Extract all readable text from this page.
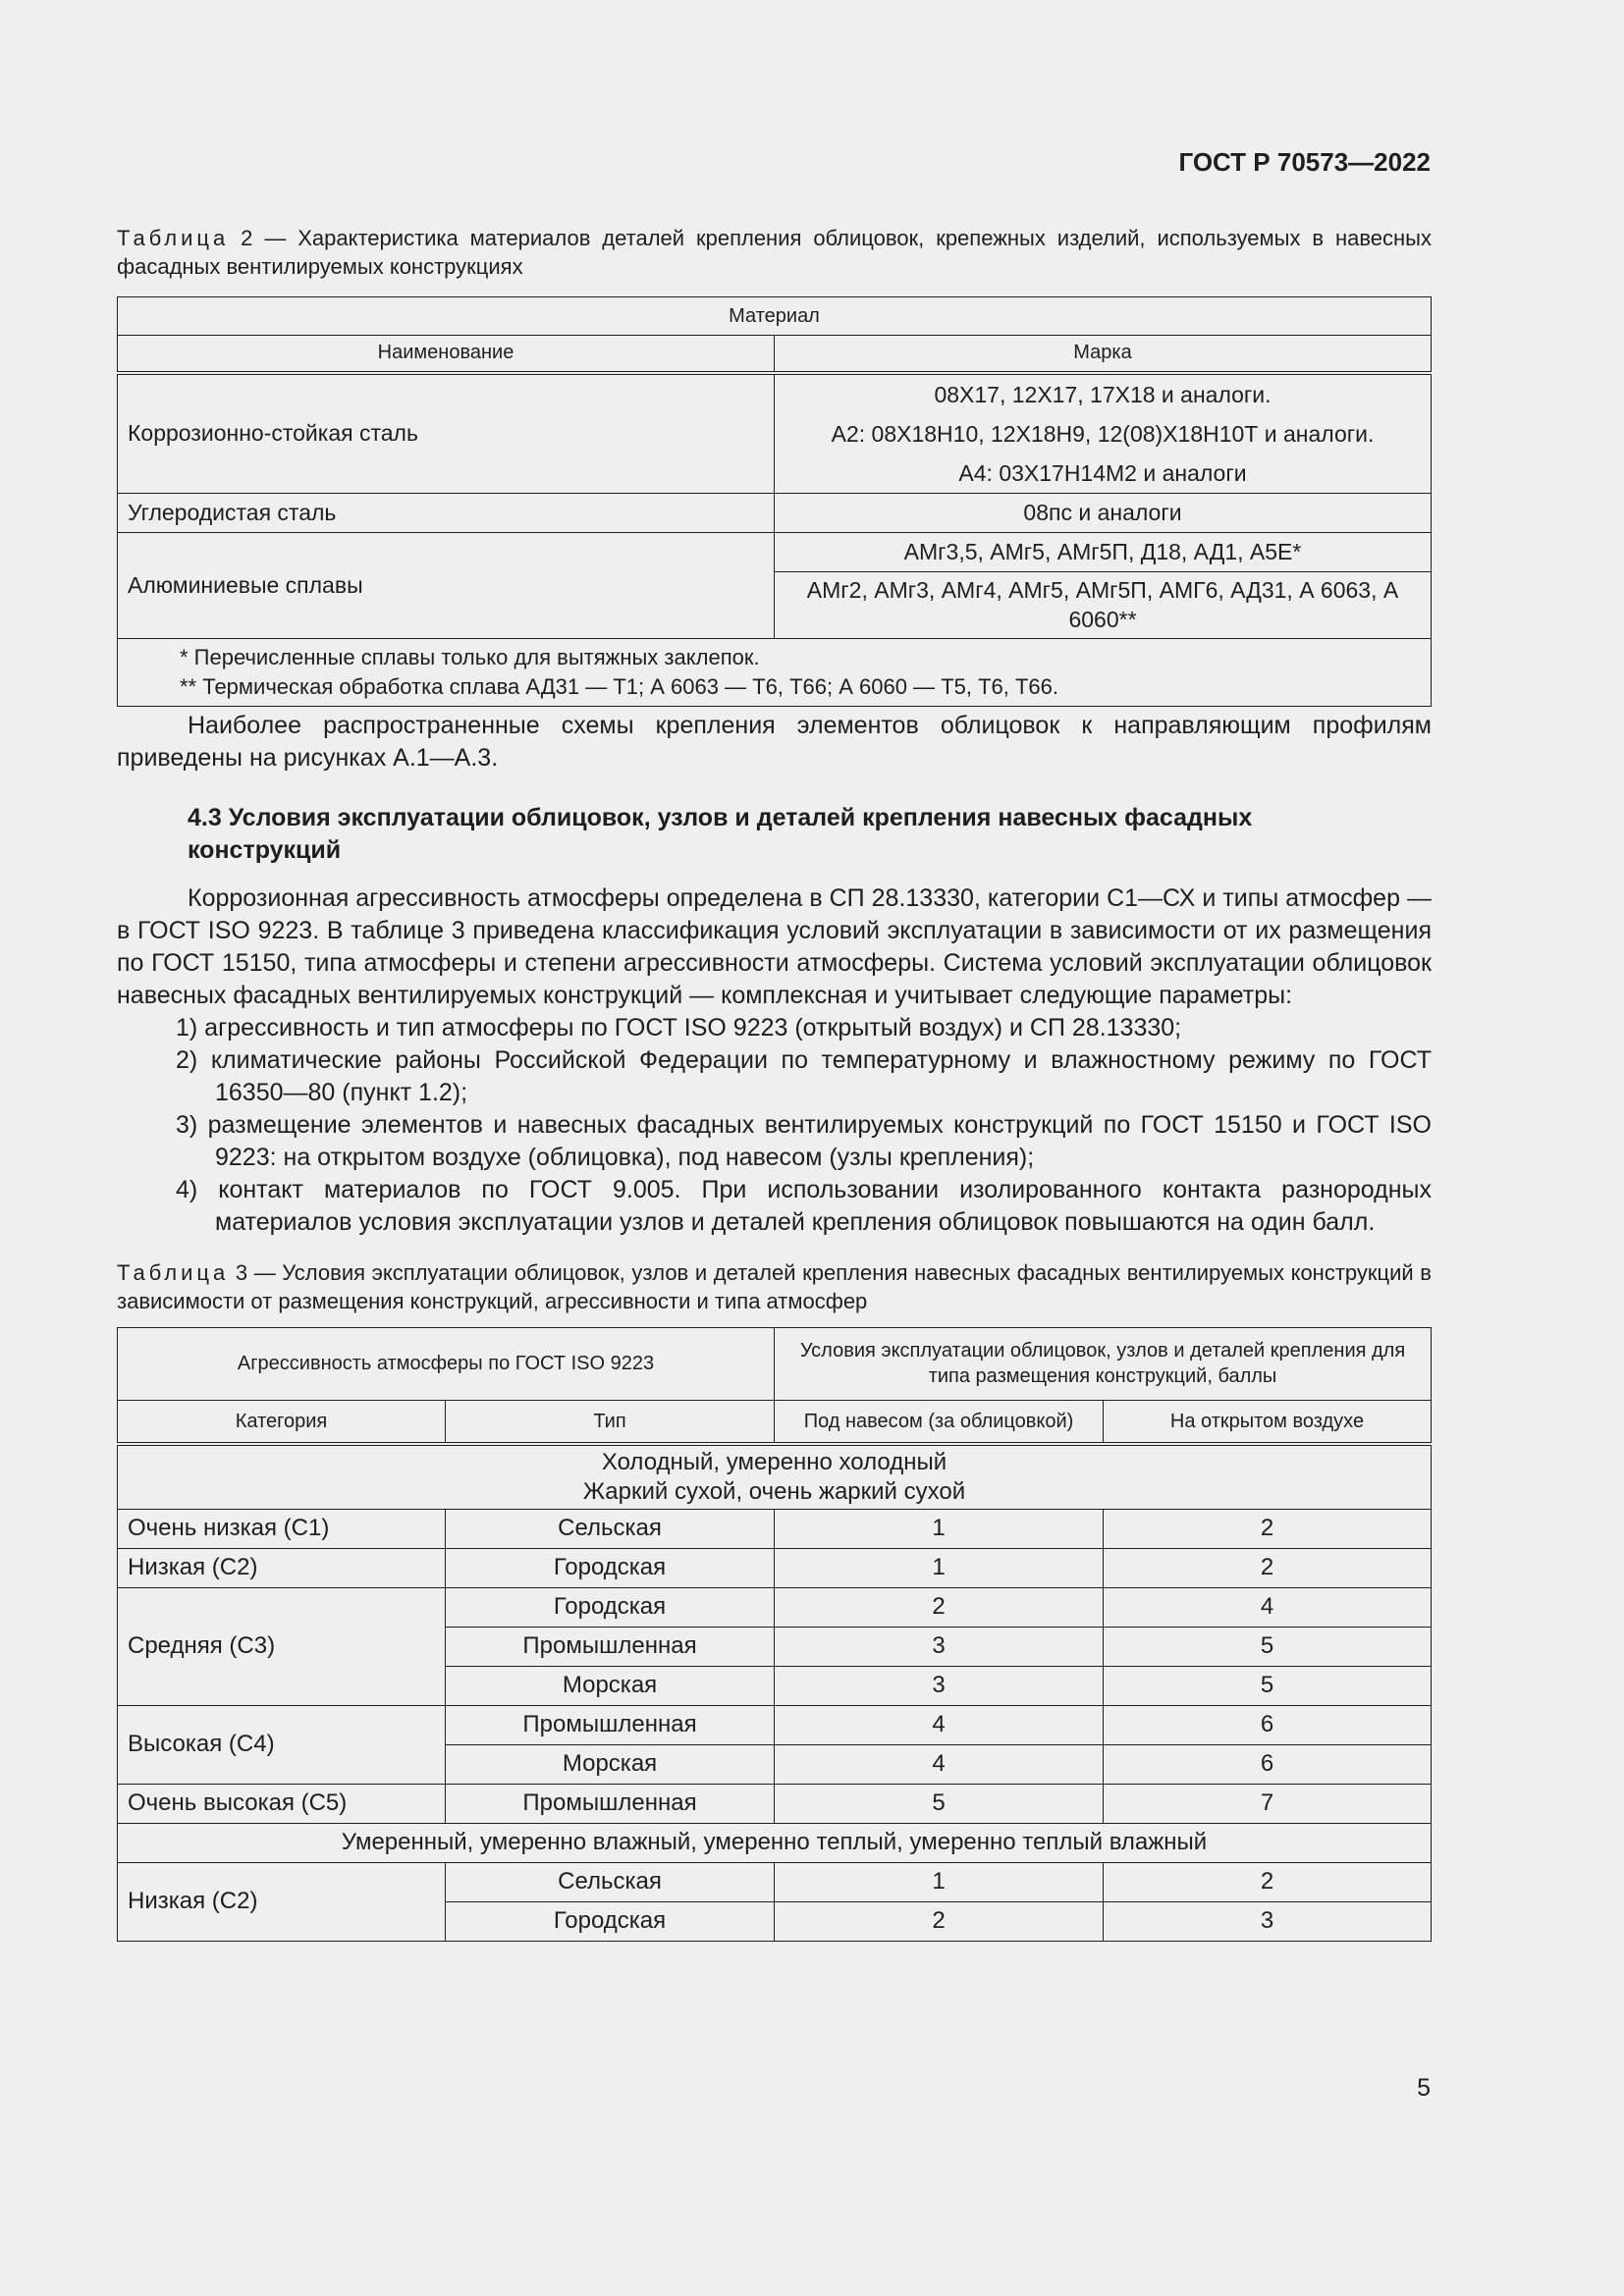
ГОСТ Р 70573—2022
Таблица 2 — Характеристика материалов деталей крепления облицовок, крепежных изделий, используемых в навесных фасадных вентилируемых конструкциях
Материал	
Наименование	Марка
Коррозионно-стойкая сталь	08Х17, 12Х17, 17Х18 и аналоги.
А2: 08Х18Н10, 12Х18Н9, 12(08)Х18Н10Т и аналоги.
А4: 03Х17Н14М2 и аналоги

Углеродистая сталь	08пс и аналоги
Алюминиевые сплавы	АМг3,5, АМг5, АМг5П, Д18, АД1, А5Е*
	АМг2, АМг3, АМг4, АМг5, АМг5П, АМГ6, АД31, А 6063, А 6060**

* Перечисленные сплавы только для вытяжных заклепок.
** Термическая обработка сплава АД31 — Т1; А 6063 — Т6, Т66; А 6060 — Т5, Т6, Т66.	

Наиболее распространенные схемы крепления элементов облицовок к направляющим профилям приведены на рисунках А.1—А.3.

4.3 Условия эксплуатации облицовок, узлов и деталей крепления навесных фасадных конструкций

Коррозионная агрессивность атмосферы определена в СП 28.13330, категории С1—СХ и типы атмосфер — в ГОСТ ISO 9223. В таблице 3 приведена классификация условий эксплуатации в зависимости от их размещения по ГОСТ 15150, типа атмосферы и степени агрессивности атмосферы. Система условий эксплуатации облицовок навесных фасадных вентилируемых конструкций — комплексная и учитывает следующие параметры:

1) агрессивность и тип атмосферы по ГОСТ ISO 9223 (открытый воздух) и СП 28.13330;
2) климатические районы Российской Федерации по температурному и влажностному режиму по ГОСТ 16350—80 (пункт 1.2);
3) размещение элементов и навесных фасадных вентилируемых конструкций по ГОСТ 15150 и ГОСТ ISO 9223: на открытом воздухе (облицовка), под навесом (узлы крепления);
4) контакт материалов по ГОСТ 9.005. При использовании изолированного контакта разнородных материалов условия эксплуатации узлов и деталей крепления облицовок повышаются на один балл.
Таблица 3 — Условия эксплуатации облицовок, узлов и деталей крепления навесных фасадных вентилируемых конструкций в зависимости от размещения конструкций, агрессивности и типа атмосфер
Агрессивность атмосферы по ГОСТ ISO 9223		Условия эксплуатации облицовок, узлов и деталей крепления для типа размещения конструкций, баллы	
Категория	Тип	Под навесом (за облицовкой)	На открытом воздухе
Холодный, умеренно холодный
Жаркий сухой, очень жаркий сухой			
Очень низкая (С1)	Сельская	1	2
Низкая (С2)	Городская	1	2
Средняя (С3)	Городская	2	4
	Промышленная	3	5
	Морская	3	5
Высокая (С4)	Промышленная	4	6
	Морская	4	6
Очень высокая (С5)	Промышленная	5	7
Умеренный, умеренно влажный, умеренно теплый, умеренно теплый влажный			
Низкая (С2)	Сельская	1	2
	Городская	2	3
5
